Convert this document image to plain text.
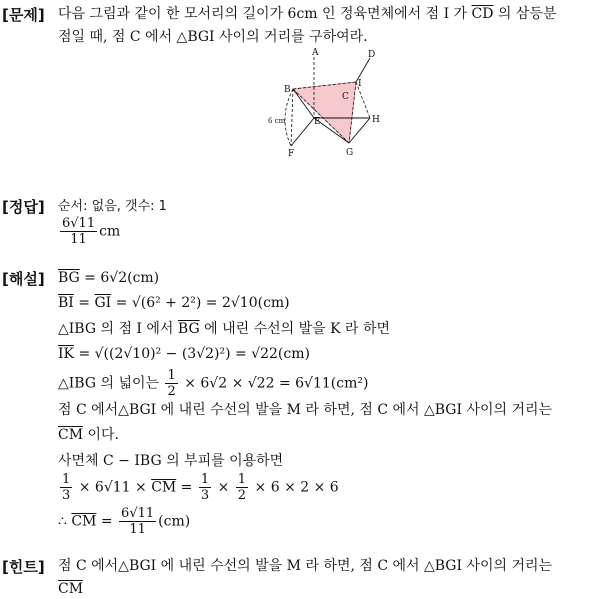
[문제] 다음 그림과 같이 한 모서리의 길이가 6cm 인 정육면체에서 점 I 가 $\overline{CD}$ 의 삼등분
점일 때, 점 C 에서 △BGI 사이의 거리를 구하여라.
A	D
B
C
I
E	H
F	G
6 cm
[정답] 순서: 없음, 갯수: 1
$\frac{6√11}{11}$ cm
[해설] $\overline{BG} = 6√2(cm)$
$\overline{BI} = \overline{GI} = √(6^2 + 2^2) = 2√10(cm)$
△IBG 의 점 I 에서 $\overline{BG}$ 에 내린 수선의 발을 K 라 하면
$\overline{IK} = √((2√10)^2 - (3√2)^2) = √22(cm)$
△IBG 의 넓이는 $\frac{1}{2} \times 6√2 \times √22 = 6√11(cm^2)$
점 C 에서△BGI 에 내린 수선의 발을 M 라 하면, 점 C 에서 △BGI 사이의 거리는
$\overline{CM}$ 이다.
사면체 C − IBG 의 부피를 이용하면
$\frac{1}{3} \times 6√11 \times \overline{CM} = \frac{1}{3} \times \frac{1}{2} \times 6 \times 2 \times 6$
∴ $\overline{CM} = \frac{6√11}{11} (cm)$
[힌트] 점 C 에서△BGI 에 내린 수선의 발을 M 라 하면, 점 C 에서 △BGI 사이의 거리는
$\overline{CM}$
